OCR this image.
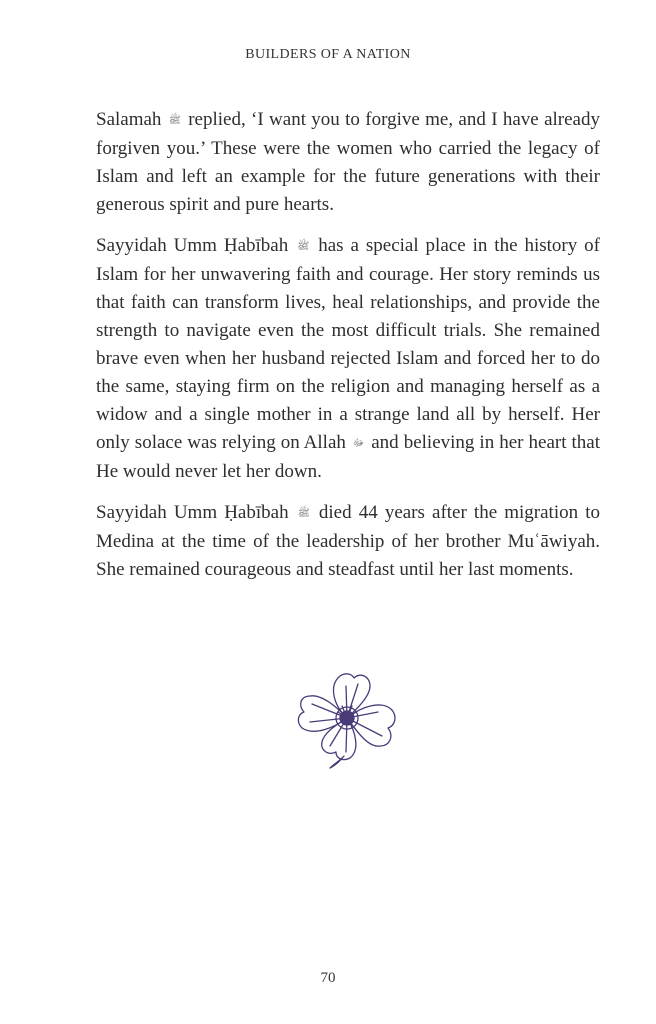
BUILDERS OF A NATION

Salamah ﷺ replied, ‘I want you to forgive me, and I have already forgiven you.’ These were the women who carried the legacy of Islam and left an example for the future generations with their generous spirit and pure hearts.

Sayyidah Umm Ḥabībah ﷺ has a special place in the history of Islam for her unwavering faith and courage. Her story reminds us that faith can transform lives, heal relationships, and provide the strength to navigate even the most difficult trials. She remained brave even when her husband rejected Islam and forced her to do the same, staying firm on the religion and managing herself as a widow and a single mother in a strange land all by herself. Her only solace was relying on Allah ﷻ and believing in her heart that He would never let her down.

Sayyidah Umm Ḥabībah ﷺ died 44 years after the migration to Medina at the time of the leadership of her brother Muʿāwiyah. She remained courageous and steadfast until her last moments.

70
